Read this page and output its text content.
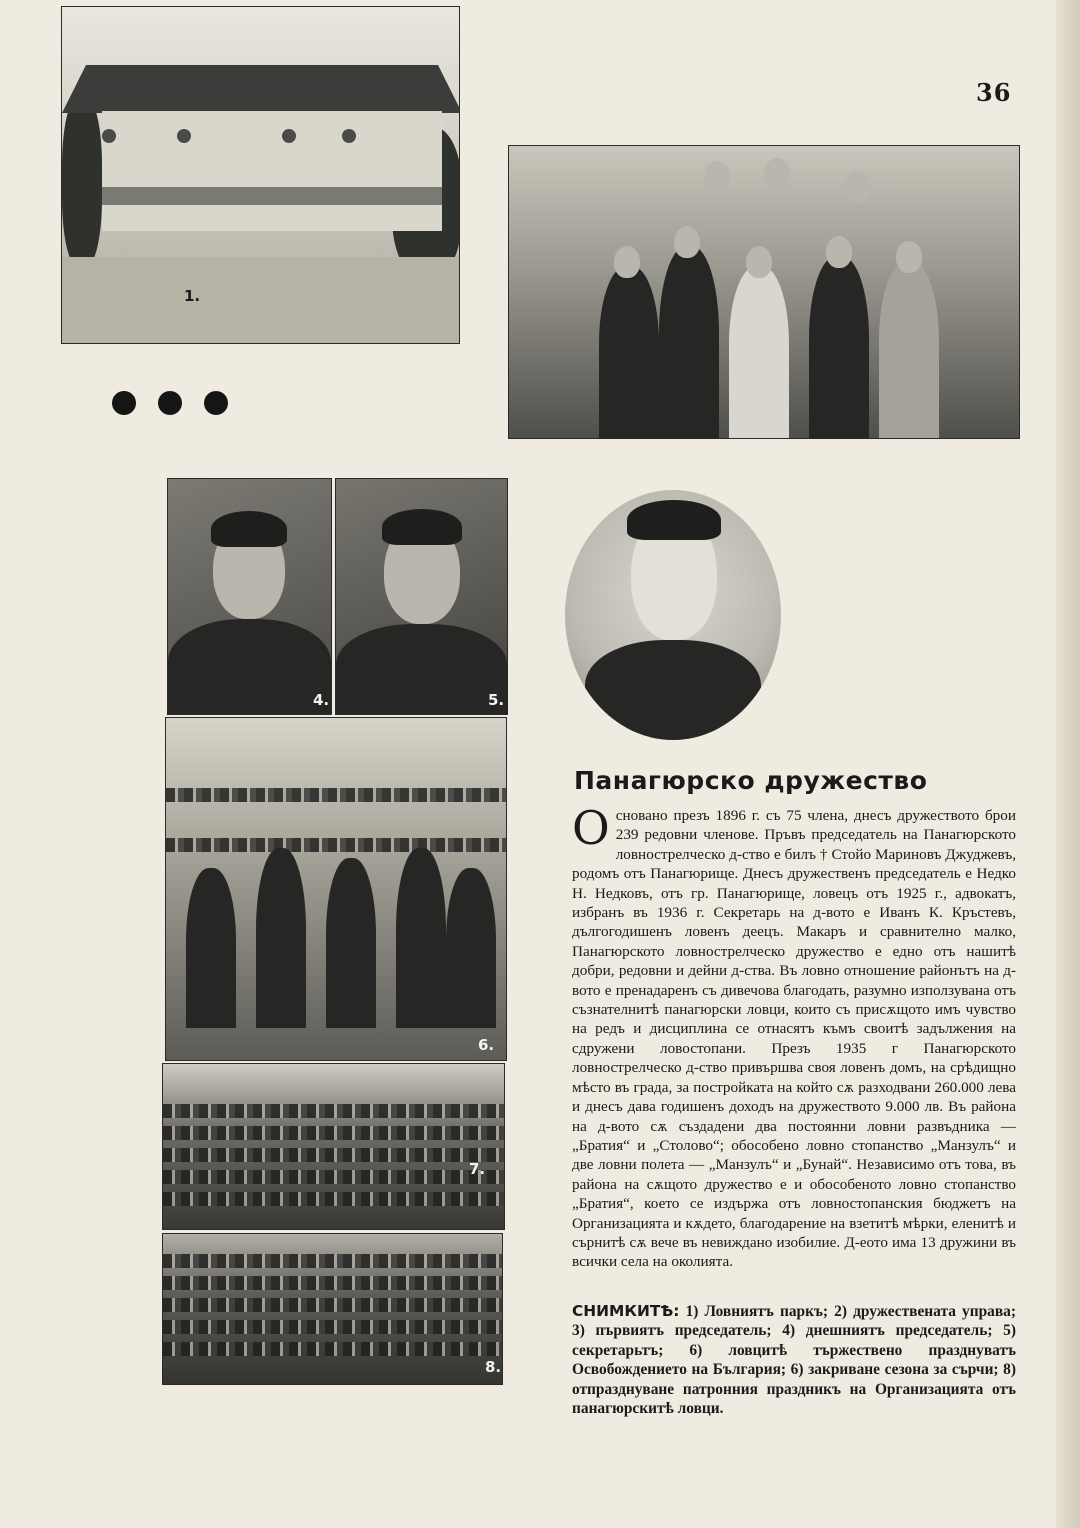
36
1.
4.	5.	3.
6.
7.
8.
Панагюрско дружество
Основано презъ 1896 г. съ 75 члена, днесъ дружеството брои 239 редовни членове. Пръвъ председатель на Панагюрското ловнострелческо д-ство е билъ † Стойо Мариновъ Джуджевъ, родомъ отъ Панагюрище. Днесъ дружественъ председатель е Недко Н. Недковъ, отъ гр. Панагюрище, ловецъ отъ 1925 г., адвокатъ, избранъ въ 1936 г. Секретарь на д-вото е Иванъ К. Кръстевъ, дългогодишенъ ловенъ деецъ. Макаръ и сравнително малко, Панагюрското ловнострелческо дружество е едно отъ нашитѣ добри, редовни и дейни д-ства. Въ ловно отношение районътъ на д-вото е пренадаренъ съ дивечова благодать, разумно използувана отъ съзнателнитѣ панагюрски ловци, които съ присѫщото имъ чувство на редъ и дисциплина се отнасятъ къмъ своитѣ задължения на сдружени ловостопани. Презъ 1935 г Панагюрското ловнострелческо д-ство привършва своя ловенъ домъ, на срѣдищно мѣсто въ града, за постройката на който сѫ разходвани 260.000 лева и днесъ дава годишенъ доходъ на дружеството 9.000 лв. Въ района на д-вото сѫ създадени два постоянни ловни развъдника — „Братия“ и „Столово“; обособено ловно стопанство „Манзулъ“ и две ловни полета — „Манзулъ“ и „Бунай“. Независимо отъ това, въ района на сѫщото дружество е и обособеното ловно стопанство „Братия“, което се издържа отъ ловностопанския бюджетъ на Организацията и кѫдето, благодарение на взетитѣ мѣрки, еленитѣ и сърнитѣ сѫ вече въ невиждано изобилие. Д-еото има 13 дружини въ всички села на околията.
СНИМКИТѢ: 1) Ловниятъ паркъ; 2) дружествената управа; 3) първиятъ председатель; 4) днешниятъ председатель; 5) секретарьтъ; 6) ловцитѣ тържествено празднуватъ Освобождението на България; 6) закриване сезона за сърчи; 8) отпразднуване патронния праздникъ на Организацията отъ панагюрскитѣ ловци.
